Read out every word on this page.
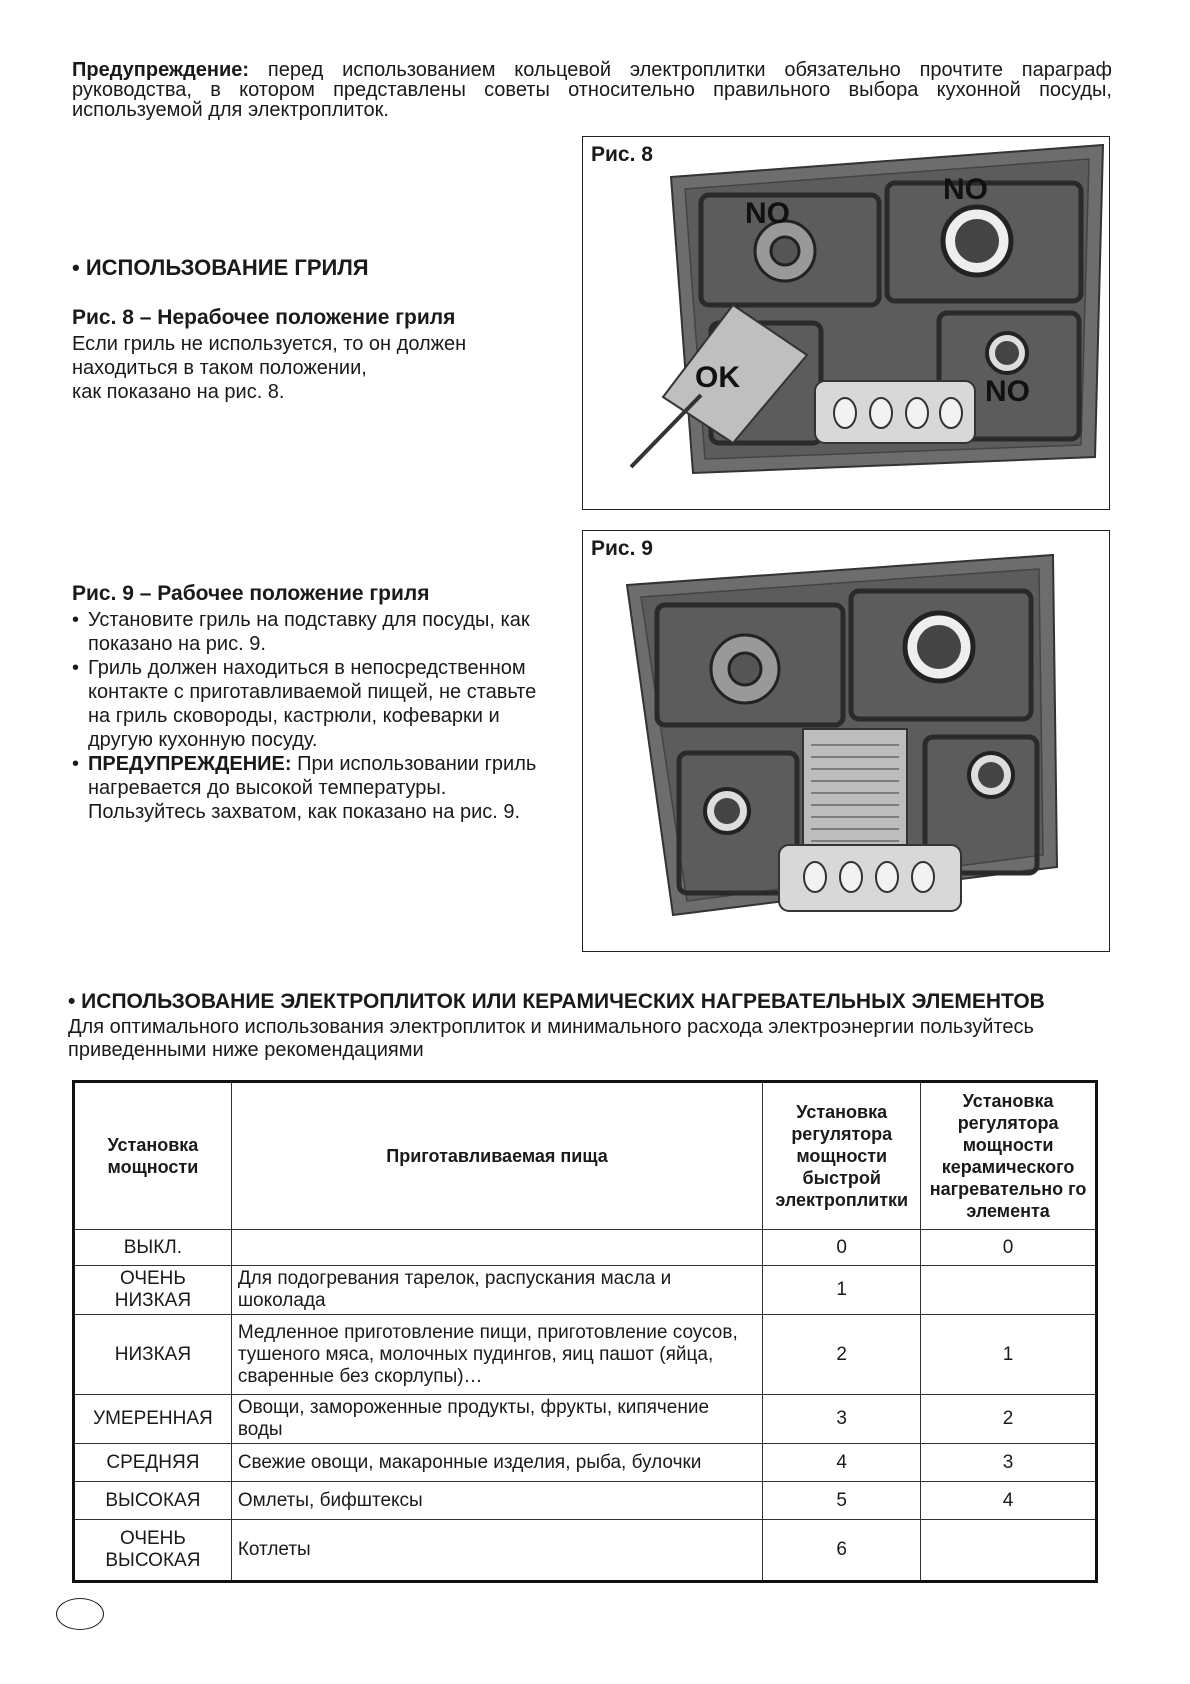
Предупреждение: перед использованием кольцевой электроплитки обязательно прочтите параграф руководства, в котором представлены советы относительно правильного выбора кухонной посуды, используемой для электроплиток.
• ИСПОЛЬЗОВАНИЕ ГРИЛЯ
Рис. 8 – Нерабочее положение гриля
Если гриль не используется, то он должен
находиться в таком положении,
как показано на рис. 8.
Рис. 9 – Рабочее положение гриля
• Установите гриль на подставку для посуды, как показано на рис. 9.
• Гриль должен находиться в непосредственном контакте с приготавливаемой пищей, не ставьте на гриль сковороды, кастрюли, кофеварки и другую кухонную посуду.
• ПРЕДУПРЕЖДЕНИЕ: При использовании гриль нагревается до высокой температуры. Пользуйтесь захватом, как показано на рис. 9.
Рис. 8
NO
NO
NO
OK
Рис. 9
• ИСПОЛЬЗОВАНИЕ ЭЛЕКТРОПЛИТОК ИЛИ КЕРАМИЧЕСКИХ НАГРЕВАТЕЛЬНЫХ ЭЛЕМЕНТОВ
Для оптимального использования электроплиток и минимального расхода электроэнергии пользуйтесь приведенными ниже рекомендациями
Установка мощности	Приготавливаемая пища	Установка регулятора мощности быстрой электроплитки	Установка регулятора мощности керамического нагревательно го элемента
ВЫКЛ.		0	0
ОЧЕНЬ НИЗКАЯ	Для подогревания тарелок, распускания масла и шоколада	1	
НИЗКАЯ	Медленное приготовление пищи, приготовление соусов, тушеного мяса, молочных пудингов, яиц пашот (яйца, сваренные без скорлупы)…	2	1
УМЕРЕННАЯ	Овощи, замороженные продукты, фрукты, кипячение воды	3	2
СРЕДНЯЯ	Свежие овощи, макаронные изделия, рыба, булочки	4	3
ВЫСОКАЯ	Омлеты, бифштексы	5	4
ОЧЕНЬ ВЫСОКАЯ	Котлеты	6	
